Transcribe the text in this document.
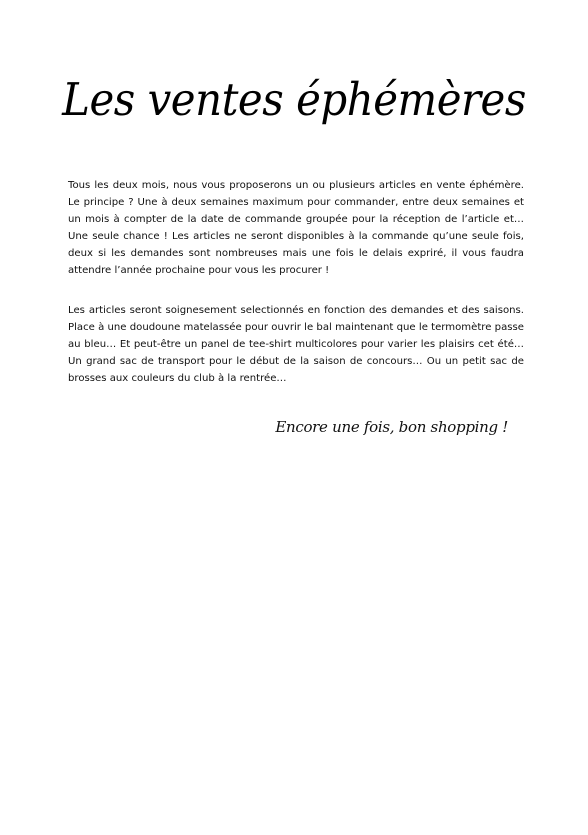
Les ventes éphémères

Tous les deux mois, nous vous proposerons un ou plusieurs articles en vente éphémère. Le principe ? Une à deux semaines maximum pour commander, entre deux semaines et un mois à compter de la date de commande groupée pour la réception de l’article et… Une seule chance ! Les articles ne seront disponibles à la commande qu’une seule fois, deux si les demandes sont nombreuses mais une fois le delais expriré, il vous faudra attendre l’année prochaine pour vous les procurer !

Les articles seront soignesement selectionnés en fonction des demandes et des saisons. Place à une doudoune matelassée pour ouvrir le bal maintenant que le termomètre passe au bleu… Et peut-être un panel de tee-shirt multicolores pour varier les plaisirs cet été… Un grand sac de transport pour le début de la saison de concours… Ou un petit sac de brosses aux couleurs du club à la rentrée…

Encore une fois, bon shopping !
